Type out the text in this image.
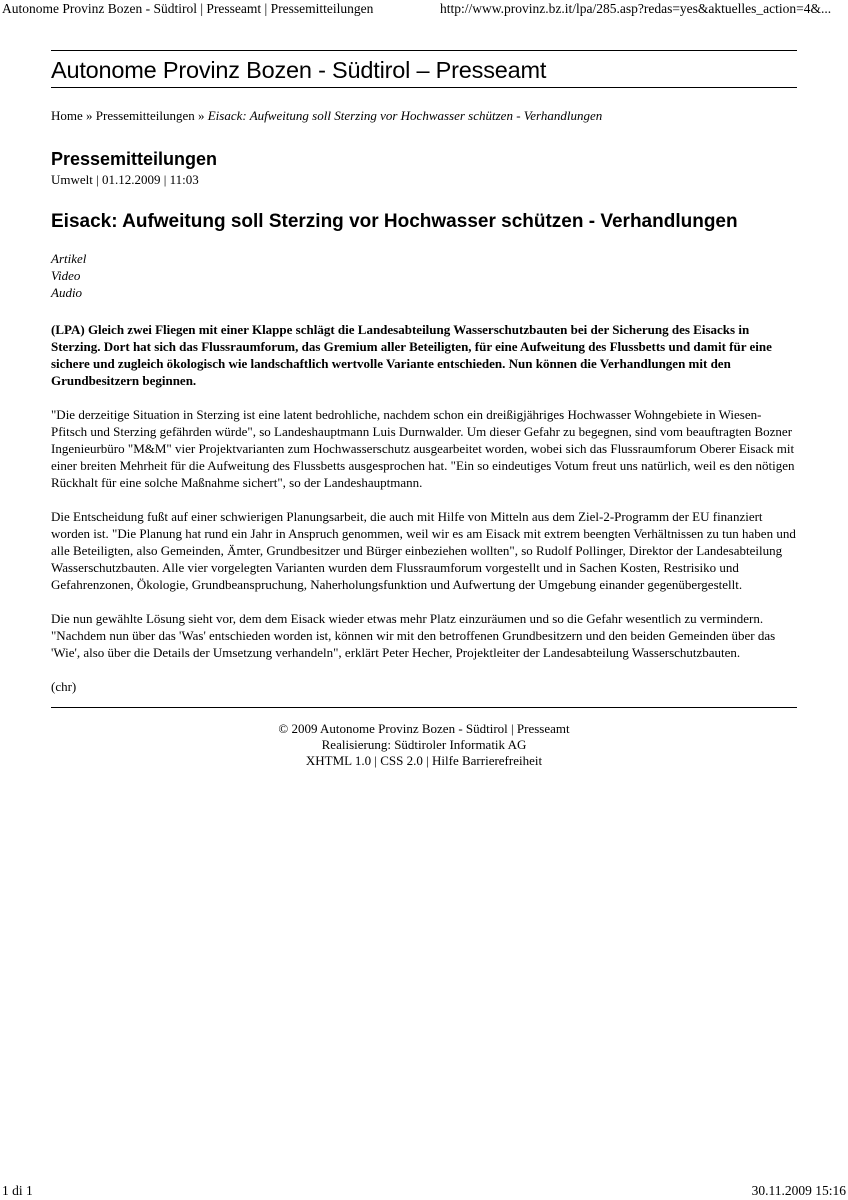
Autonome Provinz Bozen - Südtirol | Presseamt | Pressemitteilungen	http://www.provinz.bz.it/lpa/285.asp?redas=yes&aktuelles_action=4&...
Autonome Provinz Bozen - Südtirol – Presseamt
Home » Pressemitteilungen » Eisack: Aufweitung soll Sterzing vor Hochwasser schützen - Verhandlungen
Pressemitteilungen
Umwelt | 01.12.2009 | 11:03
Eisack: Aufweitung soll Sterzing vor Hochwasser schützen - Verhandlungen
Artikel
Video
Audio
(LPA) Gleich zwei Fliegen mit einer Klappe schlägt die Landesabteilung Wasserschutzbauten bei der Sicherung des Eisacks in Sterzing. Dort hat sich das Flussraumforum, das Gremium aller Beteiligten, für eine Aufweitung des Flussbetts und damit für eine sichere und zugleich ökologisch wie landschaftlich wertvolle Variante entschieden. Nun können die Verhandlungen mit den Grundbesitzern beginnen.
"Die derzeitige Situation in Sterzing ist eine latent bedrohliche, nachdem schon ein dreißigjähriges Hochwasser Wohngebiete in Wiesen-Pfitsch und Sterzing gefährden würde", so Landeshauptmann Luis Durnwalder. Um dieser Gefahr zu begegnen, sind vom beauftragten Bozner Ingenieurbüro "M&M" vier Projektvarianten zum Hochwasserschutz ausgearbeitet worden, wobei sich das Flussraumforum Oberer Eisack mit einer breiten Mehrheit für die Aufweitung des Flussbetts ausgesprochen hat. "Ein so eindeutiges Votum freut uns natürlich, weil es den nötigen Rückhalt für eine solche Maßnahme sichert", so der Landeshauptmann.
Die Entscheidung fußt auf einer schwierigen Planungsarbeit, die auch mit Hilfe von Mitteln aus dem Ziel-2-Programm der EU finanziert worden ist. "Die Planung hat rund ein Jahr in Anspruch genommen, weil wir es am Eisack mit extrem beengten Verhältnissen zu tun haben und alle Beteiligten, also Gemeinden, Ämter, Grundbesitzer und Bürger einbeziehen wollten", so Rudolf Pollinger, Direktor der Landesabteilung Wasserschutzbauten. Alle vier vorgelegten Varianten wurden dem Flussraumforum vorgestellt und in Sachen Kosten, Restrisiko und Gefahrenzonen, Ökologie, Grundbeanspruchung, Naherholungsfunktion und Aufwertung der Umgebung einander gegenübergestellt.
Die nun gewählte Lösung sieht vor, dem dem Eisack wieder etwas mehr Platz einzuräumen und so die Gefahr wesentlich zu vermindern. "Nachdem nun über das 'Was' entschieden worden ist, können wir mit den betroffenen Grundbesitzern und den beiden Gemeinden über das 'Wie', also über die Details der Umsetzung verhandeln", erklärt Peter Hecher, Projektleiter der Landesabteilung Wasserschutzbauten.
(chr)
© 2009 Autonome Provinz Bozen - Südtirol | Presseamt
Realisierung: Südtiroler Informatik AG
XHTML 1.0 | CSS 2.0 | Hilfe Barrierefreiheit
1 di 1	30.11.2009 15:16
